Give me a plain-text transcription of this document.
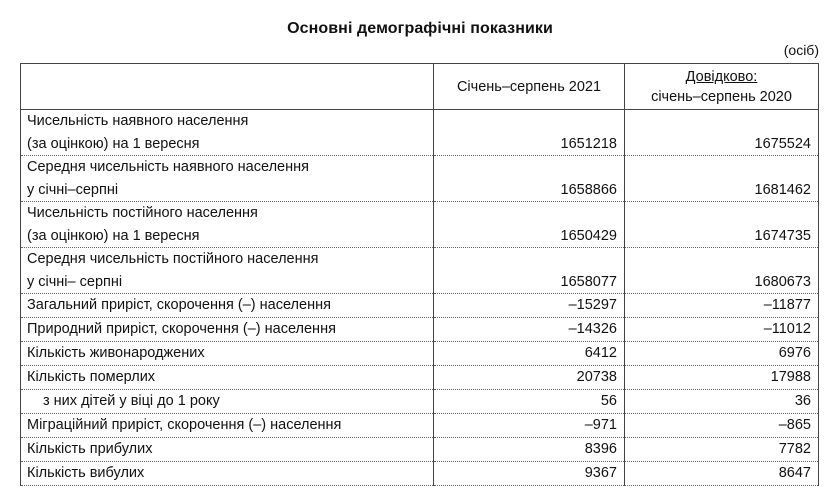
Основні демографічні показники
(осіб)
	Січень–серпень 2021	Довідково:
січень–серпень 2020
Чисельність наявного населення
(за оцінкою) на 1 вересня	1651218	1675524
Середня чисельність наявного населення
у січні–серпні	1658866	1681462
Чисельність постійного населення
(за оцінкою) на 1 вересня	1650429	1674735
Середня чисельність постійного населення
у січні– серпні	1658077	1680673
Загальний приріст, скорочення (–) населення	–15297	–11877
Природний приріст, скорочення (–) населення	–14326	–11012
Кількість живонароджених	6412	6976
Кількість померлих	20738	17988
з них дітей у віці до 1 року	56	36
Міграційний приріст, скорочення (–) населення	–971	–865
Кількість прибулих	8396	7782
Кількість вибулих	9367	8647
